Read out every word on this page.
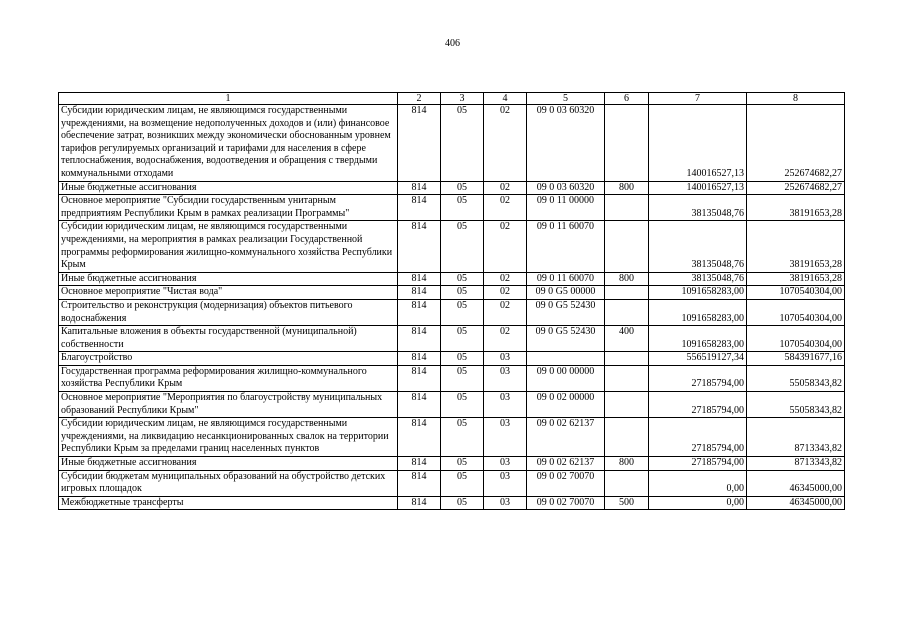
406
1	2	3	4	5	6	7	8
Субсидии юридическим лицам, не являющимся государственными учреждениями, на возмещение недополученных доходов и (или) финансовое обеспечение затрат, возникших между экономически обоснованным уровнем тарифов регулируемых организаций и тарифами для населения в сфере теплоснабжения, водоснабжения, водоотведения и обращения с твердыми коммунальными отходами	814	05	02	09 0 03 60320		140016527,13	252674682,27
Иные бюджетные ассигнования	814	05	02	09 0 03 60320	800	140016527,13	252674682,27
Основное мероприятие "Субсидии государственным унитарным предприятиям Республики Крым в рамках реализации Программы"	814	05	02	09 0 11 00000		38135048,76	38191653,28
Субсидии юридическим лицам, не являющимся государственными учреждениями, на мероприятия в рамках реализации Государственной программы реформирования жилищно-коммунального хозяйства Республики Крым	814	05	02	09 0 11 60070		38135048,76	38191653,28
Иные бюджетные ассигнования	814	05	02	09 0 11 60070	800	38135048,76	38191653,28
Основное мероприятие "Чистая вода"	814	05	02	09 0 G5 00000		1091658283,00	1070540304,00
Строительство и реконструкция (модернизация) объектов питьевого водоснабжения	814	05	02	09 0 G5 52430		1091658283,00	1070540304,00
Капитальные вложения в объекты государственной (муниципальной) собственности	814	05	02	09 0 G5 52430	400	1091658283,00	1070540304,00
Благоустройство	814	05	03			556519127,34	584391677,16
Государственная программа реформирования жилищно-коммунального хозяйства Республики Крым	814	05	03	09 0 00 00000		27185794,00	55058343,82
Основное мероприятие "Мероприятия по благоустройству муниципальных образований Республики Крым"	814	05	03	09 0 02 00000		27185794,00	55058343,82
Субсидии юридическим лицам, не являющимся государственными учреждениями, на ликвидацию несанкционированных свалок на территории Республики Крым за пределами границ населенных пунктов	814	05	03	09 0 02 62137		27185794,00	8713343,82
Иные бюджетные ассигнования	814	05	03	09 0 02 62137	800	27185794,00	8713343,82
Субсидии бюджетам муниципальных образований на обустройство детских игровых площадок	814	05	03	09 0 02 70070		0,00	46345000,00
Межбюджетные трансферты	814	05	03	09 0 02 70070	500	0,00	46345000,00
